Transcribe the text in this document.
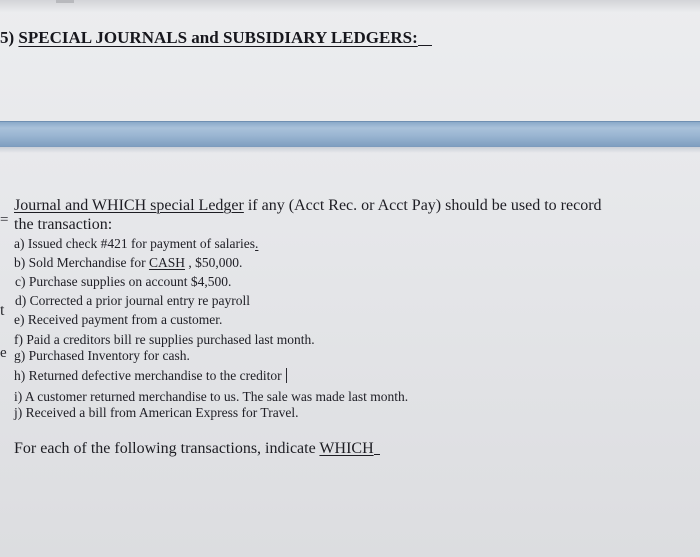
5) SPECIAL JOURNALS and SUBSIDIARY LEDGERS:
=
t
e
Journal and WHICH special Ledger if any (Acct Rec. or Acct Pay) should be used to record
the transaction:
a) Issued check #421 for payment of salaries.
b) Sold Merchandise for CASH , $50,000.
c) Purchase supplies on account $4,500.
d) Corrected a prior journal entry re payroll
e) Received payment from a customer.
f) Paid a creditors bill re supplies purchased last month.
g) Purchased Inventory for cash.
h) Returned defective merchandise to the creditor
i) A customer returned merchandise to us. The sale was made last month.
j) Received a bill from American Express for Travel.
For each of the following transactions, indicate WHICH
